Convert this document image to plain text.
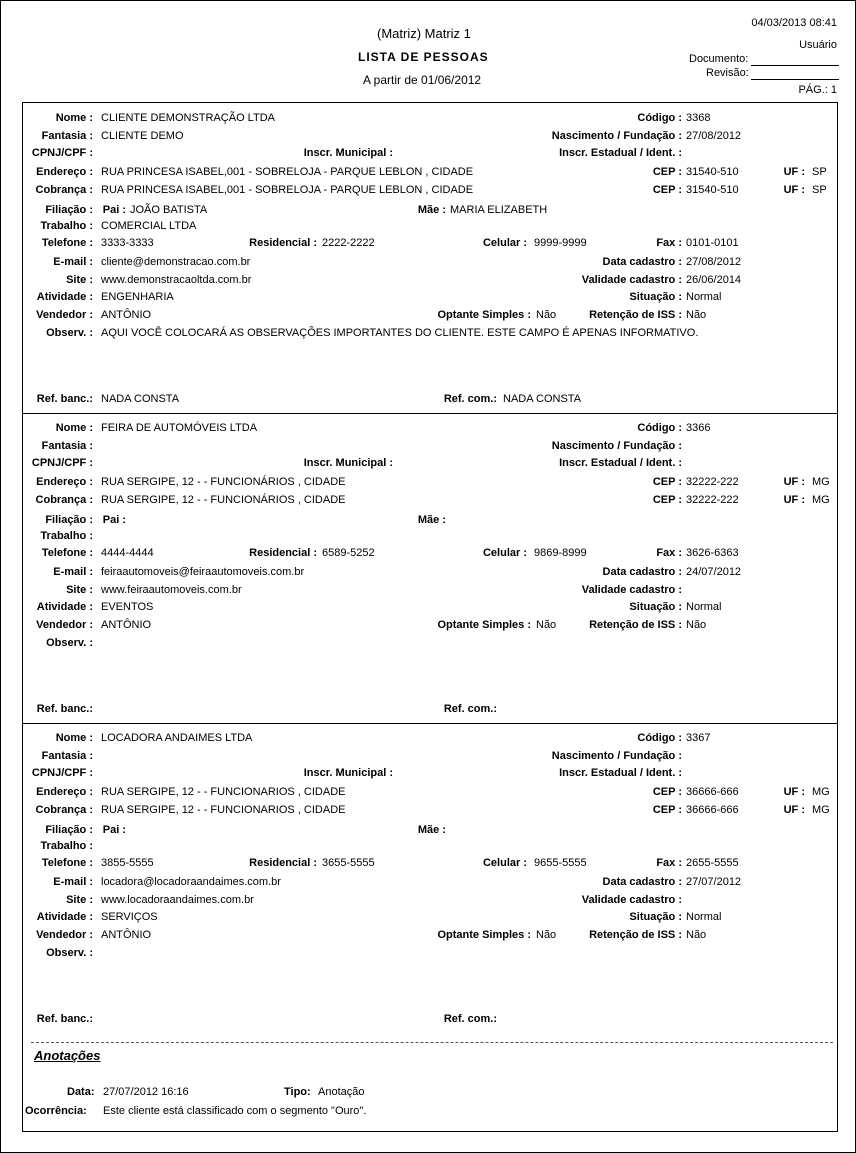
(Matriz) Matriz 1
LISTA DE PESSOAS
A partir de 01/06/2012
04/03/2013 08:41
Usuário
Documento:
Revisão:
PÁG.: 1
Nome : CLIENTE DEMONSTRAÇÃO LTDA	Código : 3368
Fantasia : CLIENTE DEMO	Nascimento / Fundação : 27/08/2012
CPNJ/CPF :	Inscr. Municipal :	Inscr. Estadual / Ident. :
Endereço : RUA PRINCESA ISABEL,001 - SOBRELOJA - PARQUE LEBLON , CIDADE	CEP : 31540-510	UF : SP
Cobrança : RUA PRINCESA ISABEL,001 - SOBRELOJA - PARQUE LEBLON , CIDADE	CEP : 31540-510	UF : SP
Filiação : Pai : JOÃO BATISTA	Mãe : MARIA ELIZABETH
Trabalho : COMERCIAL LTDA
Telefone : 3333-3333	Residencial : 2222-2222	Celular : 9999-9999	Fax : 0101-0101
E-mail : cliente@demonstracao.com.br	Data cadastro : 27/08/2012
Site : www.demonstracaoltda.com.br	Validade cadastro : 26/06/2014
Atividade : ENGENHARIA	Situação : Normal
Vendedor : ANTÔNIO	Optante Simples : Não	Retenção de ISS : Não
Observ. : AQUI VOCÊ COLOCARÁ AS OBSERVAÇÕES IMPORTANTES DO CLIENTE. ESTE CAMPO É APENAS INFORMATIVO.
Ref. banc.: NADA CONSTA	Ref. com.: NADA CONSTA
Nome : FEIRA DE AUTOMÓVEIS LTDA	Código : 3366
Fantasia :	Nascimento / Fundação :
CPNJ/CPF :	Inscr. Municipal :	Inscr. Estadual / Ident. :
Endereço : RUA SERGIPE, 12 - - FUNCIONÁRIOS , CIDADE	CEP : 32222-222	UF : MG
Cobrança : RUA SERGIPE, 12 - - FUNCIONÁRIOS , CIDADE	CEP : 32222-222	UF : MG
Filiação : Pai :	Mãe :
Trabalho :
Telefone : 4444-4444	Residencial : 6589-5252	Celular : 9869-8999	Fax : 3626-6363
E-mail : feiraautomoveis@feiraautomoveis.com.br	Data cadastro : 24/07/2012
Site : www.feiraautomoveis.com.br	Validade cadastro :
Atividade : EVENTOS	Situação : Normal
Vendedor : ANTÔNIO	Optante Simples : Não	Retenção de ISS : Não
Observ. :
Ref. banc.:	Ref. com.:
Nome : LOCADORA ANDAIMES LTDA	Código : 3367
Fantasia :	Nascimento / Fundação :
CPNJ/CPF :	Inscr. Municipal :	Inscr. Estadual / Ident. :
Endereço : RUA SERGIPE, 12 - - FUNCIONARIOS , CIDADE	CEP : 36666-666	UF : MG
Cobrança : RUA SERGIPE, 12 - - FUNCIONARIOS , CIDADE	CEP : 36666-666	UF : MG
Filiação : Pai :	Mãe :
Trabalho :
Telefone : 3855-5555	Residencial : 3655-5555	Celular : 9655-5555	Fax : 2655-5555
E-mail : locadora@locadoraandaimes.com.br	Data cadastro : 27/07/2012
Site : www.locadoraandaimes.com.br	Validade cadastro :
Atividade : SERVIÇOS	Situação : Normal
Vendedor : ANTÔNIO	Optante Simples : Não	Retenção de ISS : Não
Observ. :
Ref. banc.:	Ref. com.:
Anotações
Data: 27/07/2012 16:16	Tipo: Anotação
Ocorrência: Este cliente está classificado com o segmento "Ouro".
